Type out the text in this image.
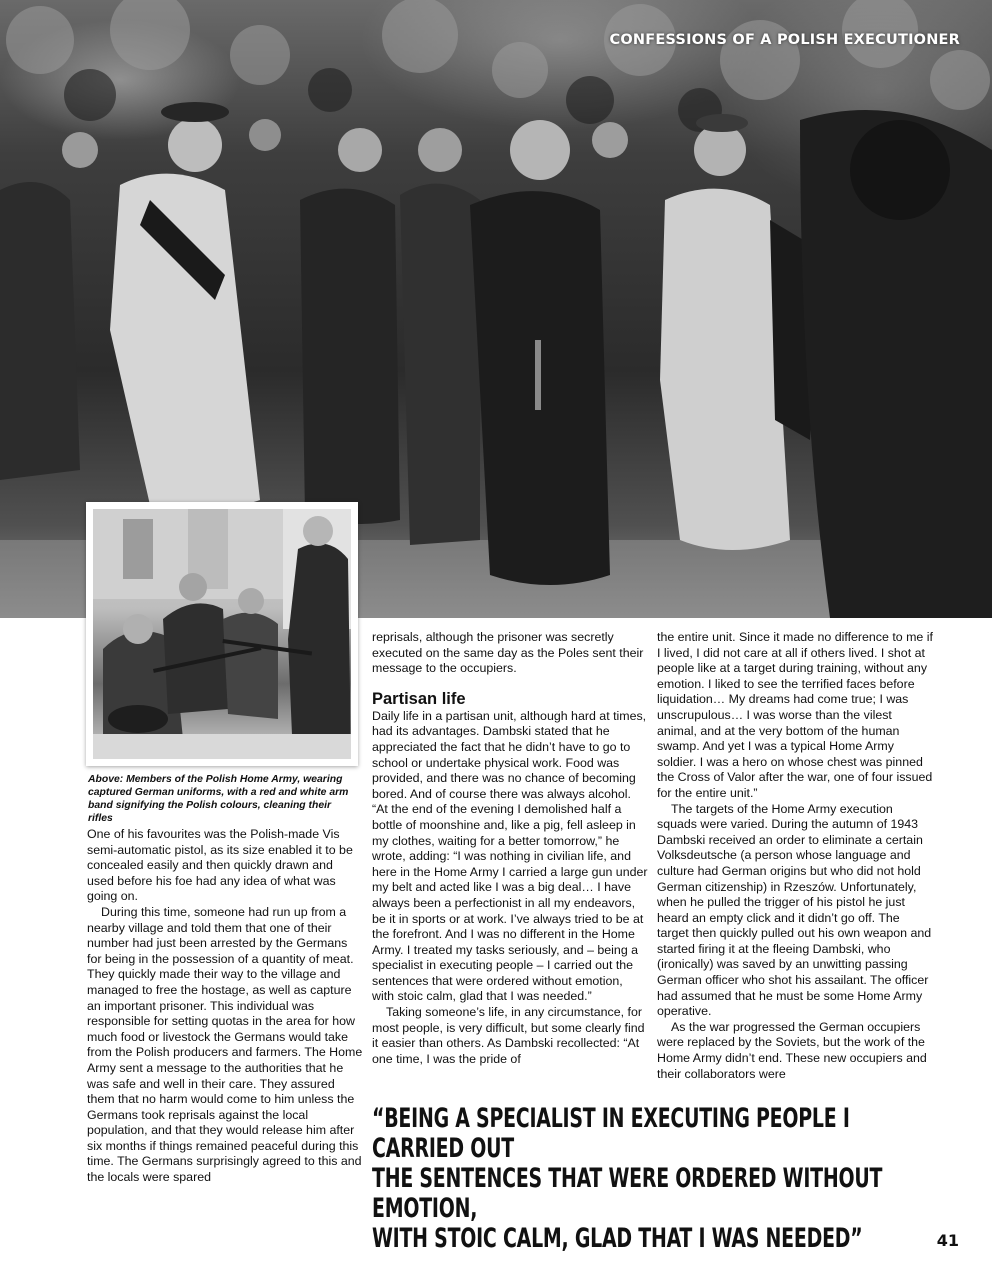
CONFESSIONS OF A POLISH EXECUTIONER
Above: Members of the Polish Home Army, wearing captured German uniforms, with a red and white arm band signifying the Polish colours, cleaning their rifles

One of his favourites was the Polish-made Vis semi-automatic pistol, as its size enabled it to be concealed easily and then quickly drawn and used before his foe had any idea of what was going on.

During this time, someone had run up from a nearby village and told them that one of their number had just been arrested by the Germans for being in the possession of a quantity of meat. They quickly made their way to the village and managed to free the hostage, as well as capture an important prisoner. This individual was responsible for setting quotas in the area for how much food or livestock the Germans would take from the Polish producers and farmers. The Home Army sent a message to the authorities that he was safe and well in their care. They assured them that no harm would come to him unless the Germans took reprisals against the local population, and that they would release him after six months if things remained peaceful during this time. The Germans surprisingly agreed to this and the locals were spared

reprisals, although the prisoner was secretly executed on the same day as the Poles sent their message to the occupiers.

Partisan life

Daily life in a partisan unit, although hard at times, had its advantages. Dambski stated that he appreciated the fact that he didn’t have to go to school or undertake physical work. Food was provided, and there was no chance of becoming bored. And of course there was always alcohol. “At the end of the evening I demolished half a bottle of moonshine and, like a pig, fell asleep in my clothes, waiting for a better tomorrow,” he wrote, adding: “I was nothing in civilian life, and here in the Home Army I carried a large gun under my belt and acted like I was a big deal… I have always been a perfectionist in all my endeavors, be it in sports or at work. I’ve always tried to be at the forefront. And I was no different in the Home Army. I treated my tasks seriously, and – being a specialist in executing people – I carried out the sentences that were ordered without emotion, with stoic calm, glad that I was needed.”

Taking someone’s life, in any circumstance, for most people, is very difficult, but some clearly find it easier than others. As Dambski recollected: “At one time, I was the pride of

the entire unit. Since it made no difference to me if I lived, I did not care at all if others lived. I shot at people like at a target during training, without any emotion. I liked to see the terrified faces before liquidation… My dreams had come true; I was unscrupulous… I was worse than the vilest animal, and at the very bottom of the human swamp. And yet I was a typical Home Army soldier. I was a hero on whose chest was pinned the Cross of Valor after the war, one of four issued for the entire unit.”

The targets of the Home Army execution squads were varied. During the autumn of 1943 Dambski received an order to eliminate a certain Volksdeutsche (a person whose language and culture had German origins but who did not hold German citizenship) in Rzeszów. Unfortunately, when he pulled the trigger of his pistol he just heard an empty click and it didn’t go off. The target then quickly pulled out his own weapon and started firing it at the fleeing Dambski, who (ironically) was saved by an unwitting passing German officer who shot his assailant. The officer had assumed that he must be some Home Army operative.

As the war progressed the German occupiers were replaced by the Soviets, but the work of the Home Army didn’t end. These new occupiers and their collaborators were

“BEING A SPECIALIST IN EXECUTING PEOPLE I CARRIED OUT
THE SENTENCES THAT WERE ORDERED WITHOUT EMOTION,
WITH STOIC CALM, GLAD THAT I WAS NEEDED”	41
